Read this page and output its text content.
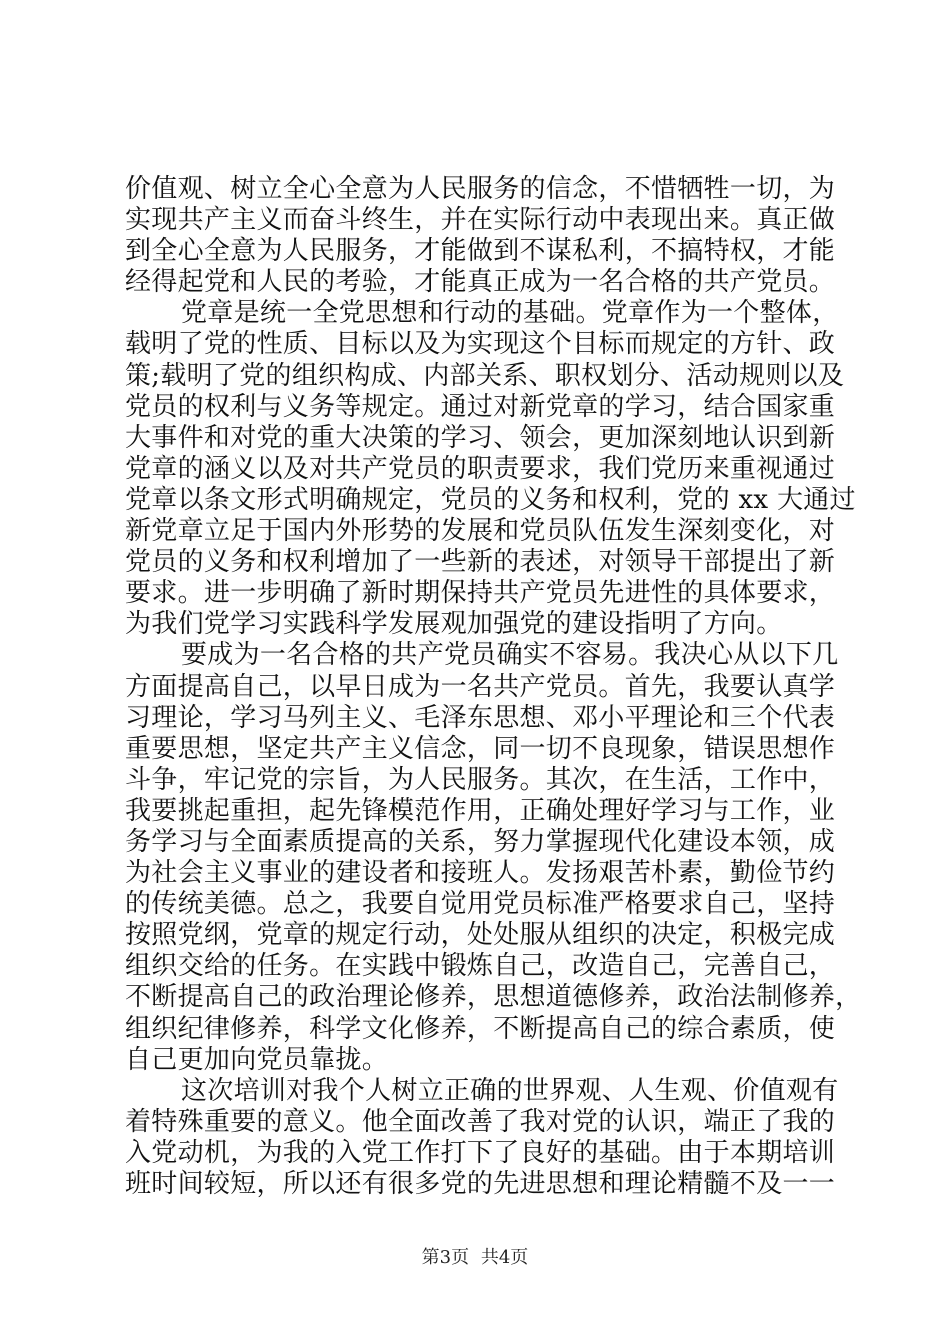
价值观、树立全心全意为人民服务的信念，不惜牺牲一切，为
实现共产主义而奋斗终生，并在实际行动中表现出来。真正做
到全心全意为人民服务，才能做到不谋私利，不搞特权，才能
经得起党和人民的考验，才能真正成为一名合格的共产党员。
党章是统一全党思想和行动的基础。党章作为一个整体，
载明了党的性质、目标以及为实现这个目标而规定的方针、政
策;载明了党的组织构成、内部关系、职权划分、活动规则以及
党员的权利与义务等规定。通过对新党章的学习，结合国家重
大事件和对党的重大决策的学习、领会，更加深刻地认识到新
党章的涵义以及对共产党员的职责要求，我们党历来重视通过
党章以条文形式明确规定，党员的义务和权利，党的 xx 大通过
新党章立足于国内外形势的发展和党员队伍发生深刻变化，对
党员的义务和权利增加了一些新的表述，对领导干部提出了新
要求。进一步明确了新时期保持共产党员先进性的具体要求，
为我们党学习实践科学发展观加强党的建设指明了方向。
要成为一名合格的共产党员确实不容易。我决心从以下几
方面提高自己，以早日成为一名共产党员。首先，我要认真学
习理论，学习马列主义、毛泽东思想、邓小平理论和三个代表
重要思想，坚定共产主义信念，同一切不良现象，错误思想作
斗争，牢记党的宗旨，为人民服务。其次，在生活，工作中，
我要挑起重担，起先锋模范作用，正确处理好学习与工作，业
务学习与全面素质提高的关系，努力掌握现代化建设本领，成
为社会主义事业的建设者和接班人。发扬艰苦朴素，勤俭节约
的传统美德。总之，我要自觉用党员标准严格要求自己，坚持
按照党纲，党章的规定行动，处处服从组织的决定，积极完成
组织交给的任务。在实践中锻炼自己，改造自己，完善自己，
不断提高自己的政治理论修养，思想道德修养，政治法制修养，
组织纪律修养，科学文化修养，不断提高自己的综合素质，使
自己更加向党员靠拢。
这次培训对我个人树立正确的世界观、人生观、价值观有
着特殊重要的意义。他全面改善了我对党的认识，端正了我的
入党动机，为我的入党工作打下了良好的基础。由于本期培训
班时间较短，所以还有很多党的先进思想和理论精髓不及一一
第3页 共4页
